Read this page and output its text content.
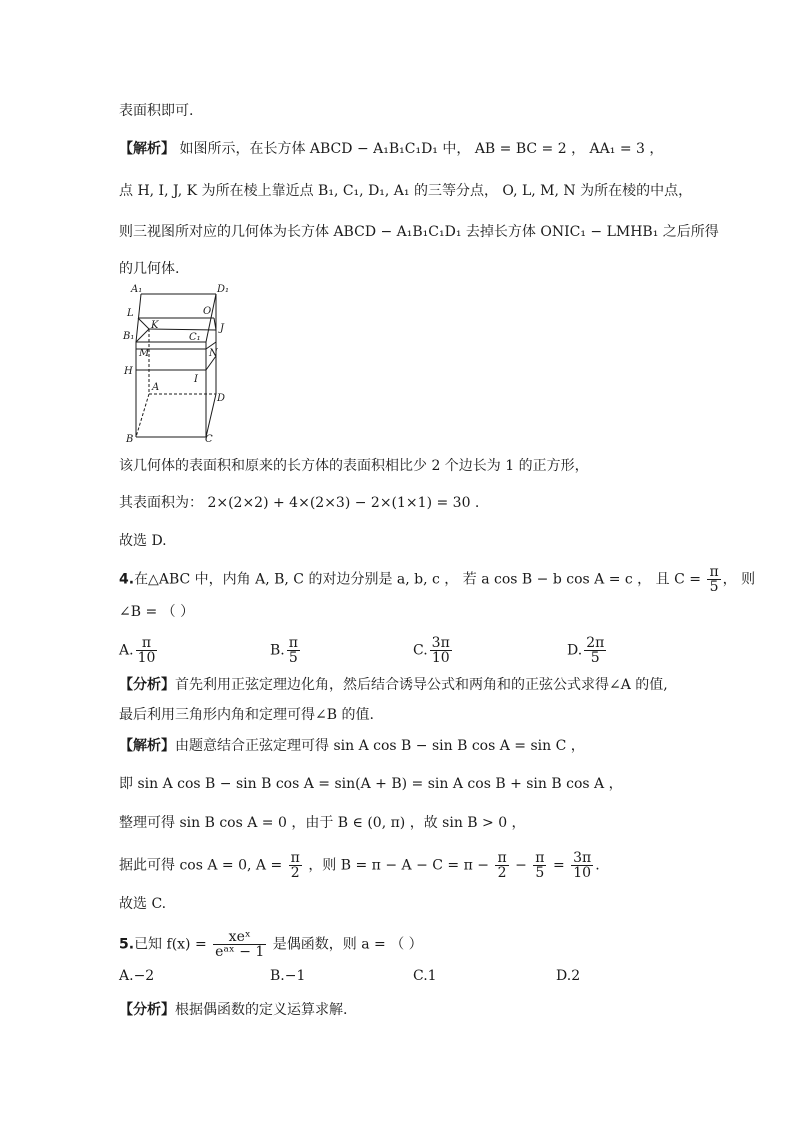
表面积即可.
【解析】 如图所示，在长方体 ABCD − A₁B₁C₁D₁ 中， AB = BC = 2 ， AA₁ = 3 ，
点 H, I, J, K 为所在棱上靠近点 B₁, C₁, D₁, A₁ 的三等分点， O, L, M, N 为所在棱的中点，
则三视图所对应的几何体为长方体 ABCD − A₁B₁C₁D₁ 去掉长方体 ONIC₁ − LMHB₁ 之后所得
的几何体.
A₁	D₁
L	O
K	J
B₁	C₁
M	N
H
I
A
D
B	C
该几何体的表面积和原来的长方体的表面积相比少 2 个边长为 1 的正方形，
其表面积为： 2×(2×2) + 4×(2×3) − 2×(1×1) = 30 .
故选 D.
4.在△ABC 中，内角 A, B, C 的对边分别是 a, b, c ， 若 a cos B − b cos A = c ， 且 $C = \frac{\pi}{5}$ ， 则
∠B = （ ）
A. $\frac{\pi}{10}$	B. $\frac{\pi}{5}$	C. $\frac{3\pi}{10}$	D. $\frac{2\pi}{5}$
【分析】首先利用正弦定理边化角，然后结合诱导公式和两角和的正弦公式求得∠A 的值,
最后利用三角形内角和定理可得∠B 的值.
【解析】由题意结合正弦定理可得 sin A cos B − sin B cos A = sin C ，
即 sin A cos B − sin B cos A = sin(A + B) = sin A cos B + sin B cos A ，
整理可得 sin B cos A = 0 ，由于 B ∈ (0, π) ，故 sin B > 0 ，
据此可得 cos A = 0, $A = \frac{\pi}{2}$ ，则 $B = \pi - A - C = \pi - \frac{\pi}{2} - \frac{\pi}{5} = \frac{3\pi}{10}$ .
故选 C.
5.已知 $f(x) = \frac{\text{xeˣ}}{\text{eᵃˣ − 1}}$ 是偶函数，则 a = （ ）
A.−2	B.−1	C.1	D.2
【分析】根据偶函数的定义运算求解.
